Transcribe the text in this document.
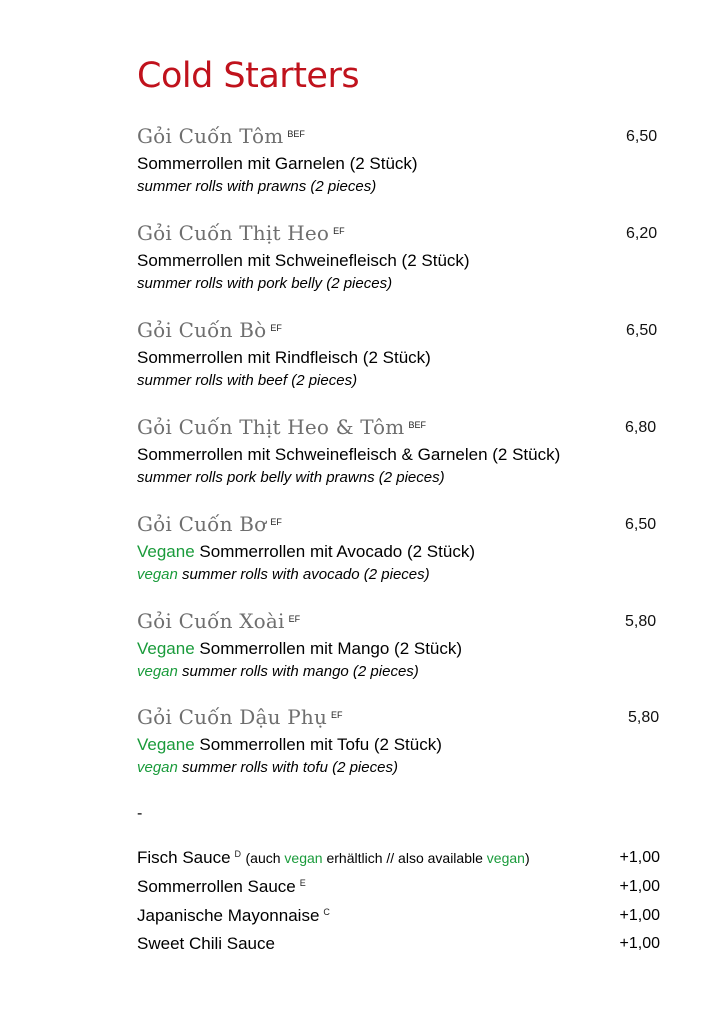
Cold Starters
Gỏi Cuốn Tôm $^{BEF}$	6,50
Sommerrollen mit Garnelen (2 Stück)
summer rolls with prawns (2 pieces)
Gỏi Cuốn Thịt Heo $^{EF}$	6,20
Sommerrollen mit Schweinefleisch (2 Stück)
summer rolls with pork belly (2 pieces)
Gỏi Cuốn Bò $^{EF}$	6,50
Sommerrollen mit Rindfleisch (2 Stück)
summer rolls with beef (2 pieces)
Gỏi Cuốn Thịt Heo & Tôm $^{BEF}$	6,80
Sommerrollen mit Schweinefleisch & Garnelen (2 Stück)
summer rolls pork belly with prawns (2 pieces)
Gỏi Cuốn Bơ $^{EF}$	6,50
Vegane Sommerrollen mit Avocado (2 Stück)
vegan summer rolls with avocado (2 pieces)
Gỏi Cuốn Xoài $^{EF}$	5,80
Vegane Sommerrollen mit Mango (2 Stück)
vegan summer rolls with mango (2 pieces)
Gỏi Cuốn Dậu Phụ $^{EF}$	5,80
Vegane Sommerrollen mit Tofu (2 Stück)
vegan summer rolls with tofu (2 pieces)
-
Fisch Sauce $^D$ (auch vegan erhältlich // also available vegan)	+1,00
Sommerrollen Sauce $^E$	+1,00
Japanische Mayonnaise $^C$	+1,00
Sweet Chili Sauce	+1,00
